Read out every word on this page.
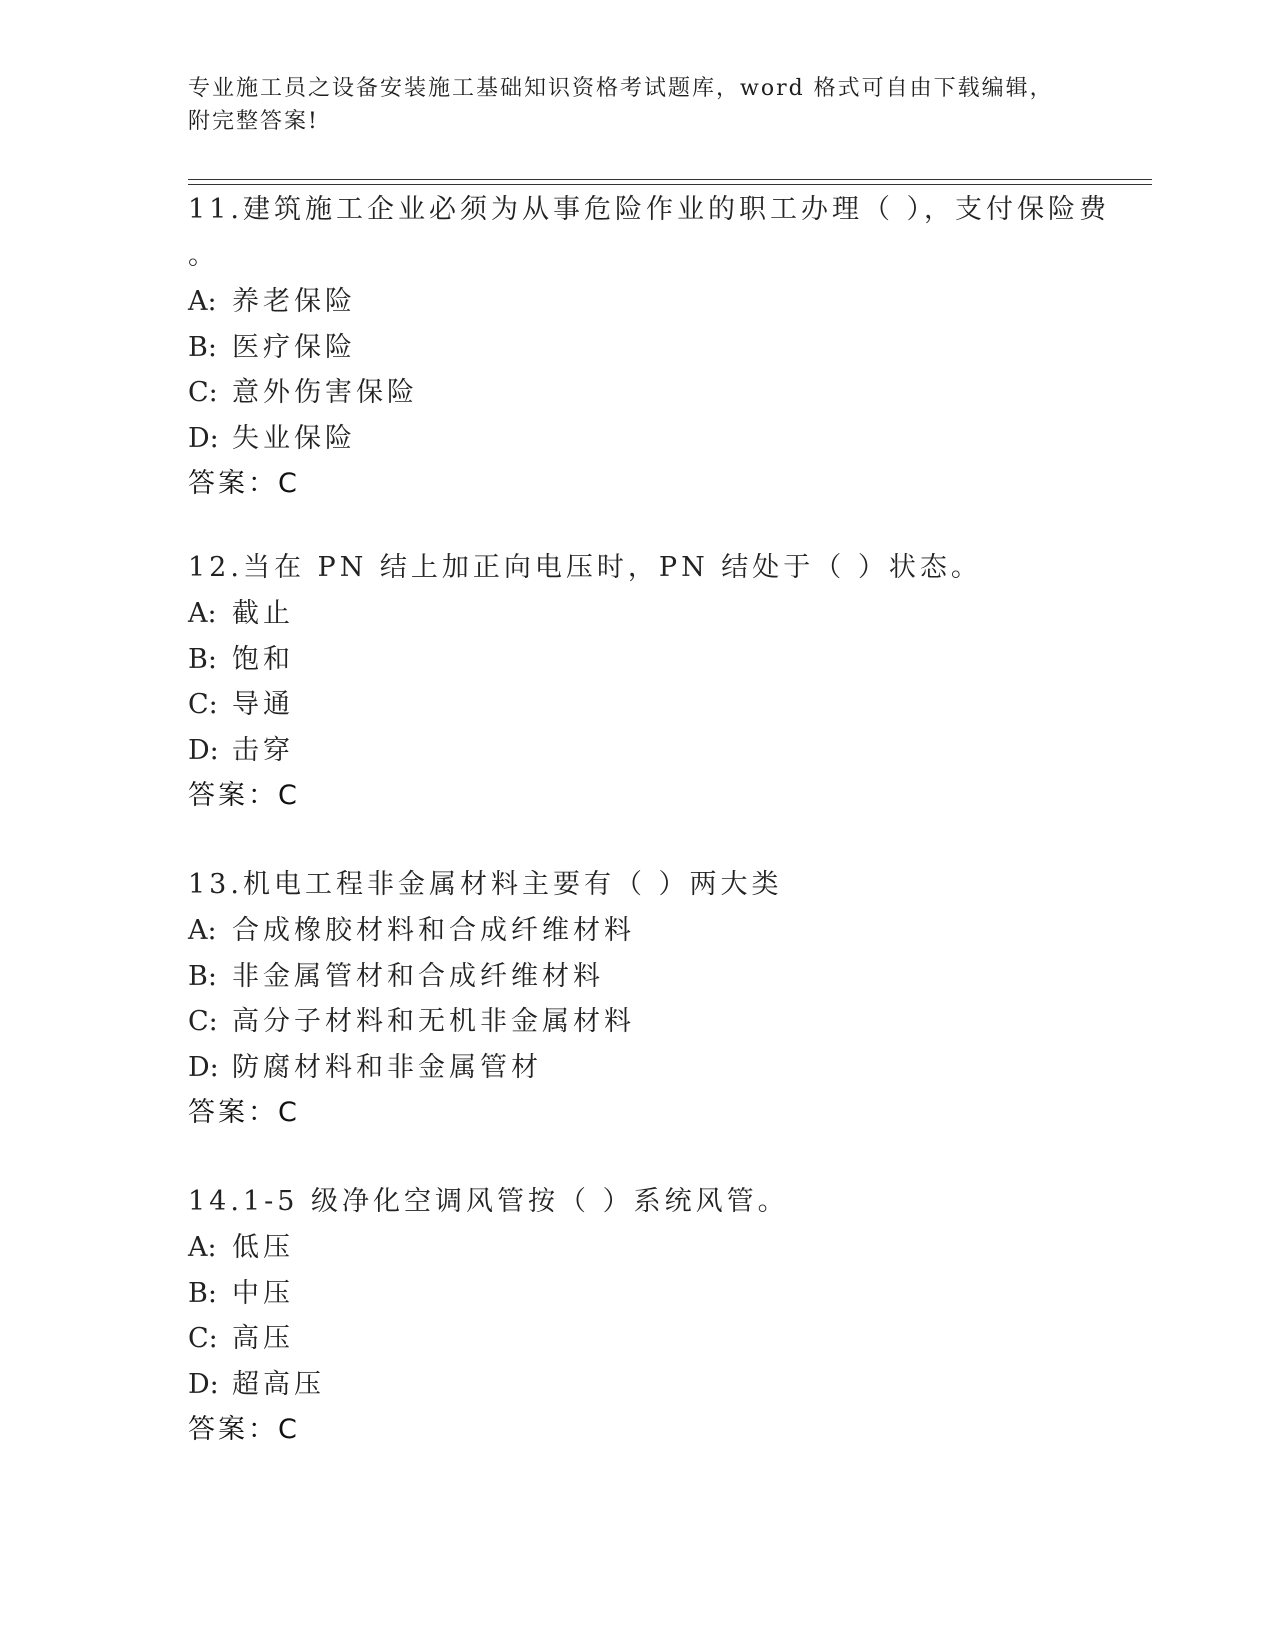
专业施工员之设备安装施工基础知识资格考试题库，word 格式可自由下载编辑，
附完整答案!
11.建筑施工企业必须为从事危险作业的职工办理（ ），支付保险费
。
A: 养老保险
B: 医疗保险
C: 意外伤害保险
D: 失业保险
答案：C
12.当在 PN 结上加正向电压时，PN 结处于（ ）状态。
A: 截止
B: 饱和
C: 导通
D: 击穿
答案：C
13.机电工程非金属材料主要有（ ）两大类
A: 合成橡胶材料和合成纤维材料
B: 非金属管材和合成纤维材料
C: 高分子材料和无机非金属材料
D: 防腐材料和非金属管材
答案：C
14.1-5 级净化空调风管按（ ）系统风管。
A: 低压
B: 中压
C: 高压
D: 超高压
答案：C
